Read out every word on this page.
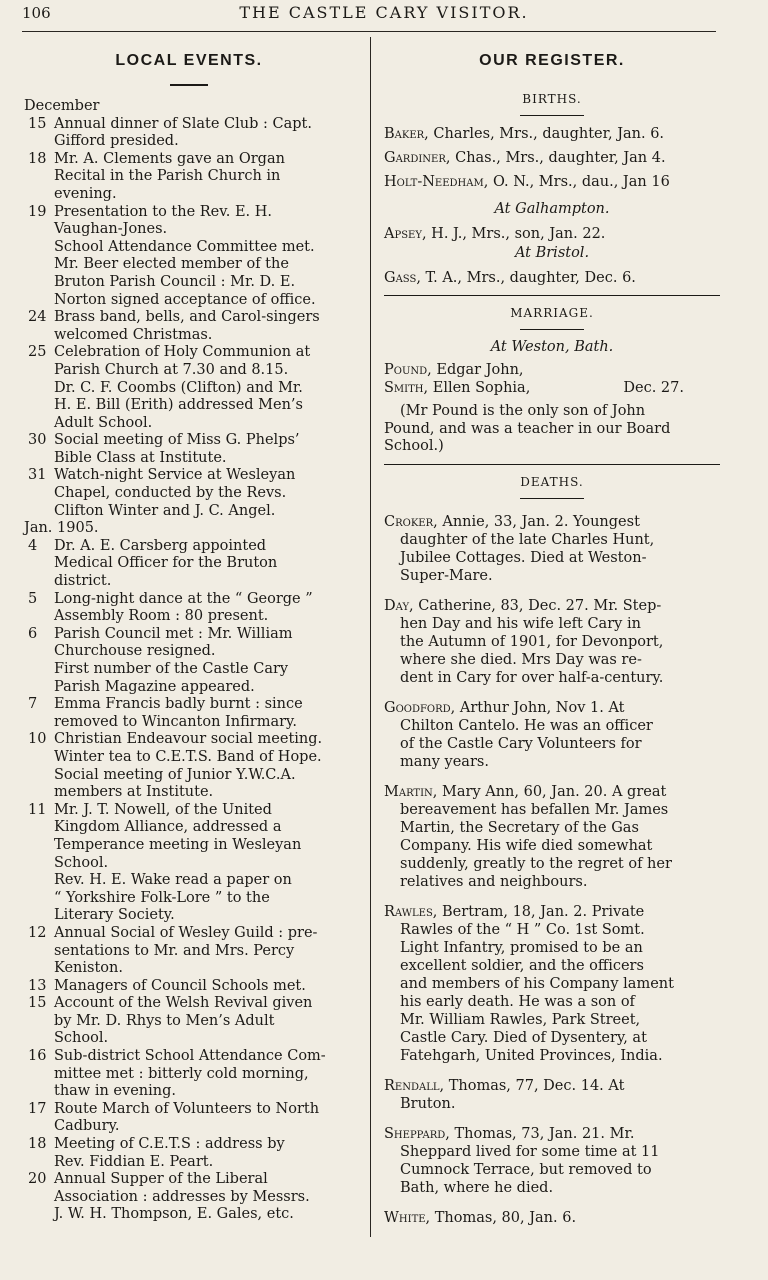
106	THE CASTLE CARY VISITOR.
LOCAL EVENTS.

December

15 Annual dinner of Slate Club : Capt.
Gifford presided.
18 Mr. A. Clements gave an Organ
Recital in the Parish Church in
evening.
19 Presentation to the Rev. E. H.
Vaughan-Jones.
School Attendance Committee met.
Mr. Beer elected member of the
Bruton Parish Council : Mr. D. E.
Norton signed acceptance of office.
24 Brass band, bells, and Carol-singers
welcomed Christmas.
25 Celebration of Holy Communion at
Parish Church at 7.30 and 8.15.
Dr. C. F. Coombs (Clifton) and Mr.
H. E. Bill (Erith) addressed Men’s
Adult School.
30 Social meeting of Miss G. Phelps’
Bible Class at Institute.
31 Watch-night Service at Wesleyan
Chapel, conducted by the Revs.
Clifton Winter and J. C. Angel.

Jan. 1905.

4	Dr. A. E. Carsberg appointed
Medical Officer for the Bruton
district.
5	Long-night dance at the “ George ”
Assembly Room : 80 present.
6	Parish Council met : Mr. William
Churchouse resigned.
First number of the Castle Cary
Parish Magazine appeared.
7	Emma Francis badly burnt : since
removed to Wincanton Infirmary.
10 Christian Endeavour social meeting.
Winter tea to C.E.T.S. Band of Hope.
Social meeting of Junior Y.W.C.A.
members at Institute.
11 Mr. J. T. Nowell, of the United
Kingdom Alliance, addressed a
Temperance meeting in Wesleyan
School.
Rev. H. E. Wake read a paper on
“ Yorkshire Folk-Lore ” to the
Literary Society.
12 Annual Social of Wesley Guild : pre-
sentations to Mr. and Mrs. Percy
Keniston.
13 Managers of Council Schools met.
15 Account of the Welsh Revival given
by Mr. D. Rhys to Men’s Adult
School.
16 Sub-district School Attendance Com-
mittee met : bitterly cold morning,
thaw in evening.
17 Route March of Volunteers to North
Cadbury.
18 Meeting of C.E.T.S : address by
Rev. Fiddian E. Peart.
20 Annual Supper of the Liberal
Association : addresses by Messrs.
J. W. H. Thompson, E. Gales, etc.
OUR REGISTER.

BIRTHS.

Baker, Charles, Mrs., daughter, Jan. 6.

Gardiner, Chas., Mrs., daughter, Jan 4.

Holt-Needham, O. N., Mrs., dau., Jan 16

At Galhampton.

Apsey, H. J., Mrs., son, Jan. 22.

At Bristol.

Gass, T. A., Mrs., daughter, Dec. 6.

MARRIAGE.

At Weston, Bath.

Pound, Edgar John,

Smith, Ellen Sophia,	Dec. 27.

(Mr Pound is the only son of John
Pound, and was a teacher in our Board
School.)

DEATHS.

Croker, Annie, 33, Jan. 2. Youngest
daughter of the late Charles Hunt,
Jubilee Cottages. Died at Weston-
Super-Mare.
Day, Catherine, 83, Dec. 27. Mr. Step-
hen Day and his wife left Cary in
the Autumn of 1901, for Devonport,
where she died. Mrs Day was re-
dent in Cary for over half-a-century.
Goodford, Arthur John, Nov 1. At
Chilton Cantelo. He was an officer
of the Castle Cary Volunteers for
many years.
Martin, Mary Ann, 60, Jan. 20. A great
bereavement has befallen Mr. James
Martin, the Secretary of the Gas
Company. His wife died somewhat
suddenly, greatly to the regret of her
relatives and neighbours.
Rawles, Bertram, 18, Jan. 2. Private
Rawles of the “ H ” Co. 1st Somt.
Light Infantry, promised to be an
excellent soldier, and the officers
and members of his Company lament
his early death. He was a son of
Mr. William Rawles, Park Street,
Castle Cary. Died of Dysentery, at
Fatehgarh, United Provinces, India.
Rendall, Thomas, 77, Dec. 14. At
Bruton.
Sheppard, Thomas, 73, Jan. 21. Mr.
Sheppard lived for some time at 11
Cumnock Terrace, but removed to
Bath, where he died.
White, Thomas, 80, Jan. 6.
